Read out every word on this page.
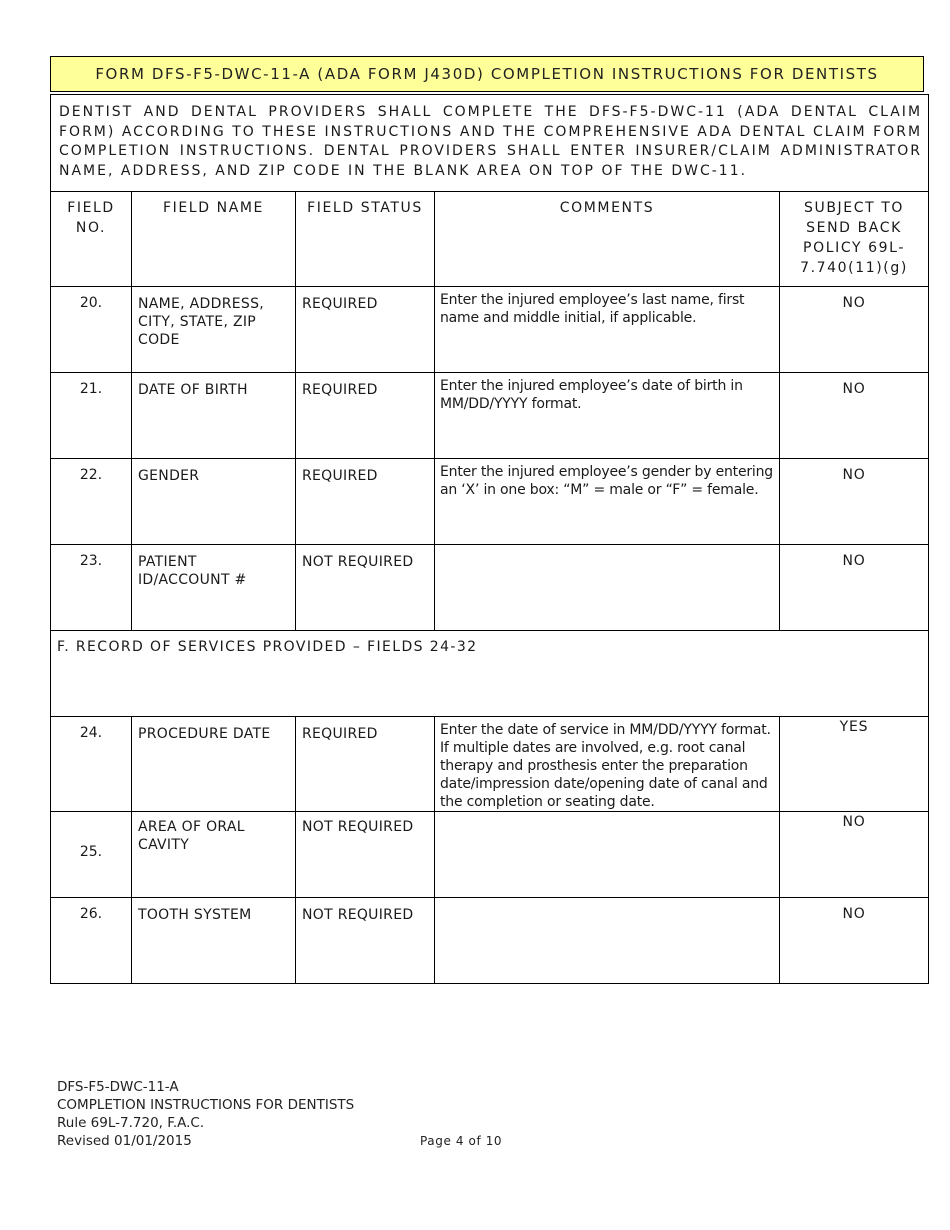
FORM DFS-F5-DWC-11-A (ADA FORM J430D) COMPLETION INSTRUCTIONS FOR DENTISTS
DENTIST AND DENTAL PROVIDERS SHALL COMPLETE THE DFS-F5-DWC-11 (ADA DENTAL CLAIM FORM) ACCORDING TO THESE INSTRUCTIONS AND THE COMPREHENSIVE ADA DENTAL CLAIM FORM COMPLETION INSTRUCTIONS. DENTAL PROVIDERS SHALL ENTER INSURER/CLAIM ADMINISTRATOR NAME, ADDRESS, AND ZIP CODE IN THE BLANK AREA ON TOP OF THE DWC-11.				
FIELD NO.	FIELD NAME	FIELD STATUS	COMMENTS	SUBJECT TO SEND BACK POLICY 69L-7.740(11)(g)
20.	NAME, ADDRESS, CITY, STATE, ZIP CODE	REQUIRED	Enter the injured employee’s last name, first name and middle initial, if applicable.	NO
21.	DATE OF BIRTH	REQUIRED	Enter the injured employee’s date of birth in MM/DD/YYYY format.	NO
22.	GENDER	REQUIRED	Enter the injured employee’s gender by entering an ‘X’ in one box: “M” = male or “F” = female.	NO
23.	PATIENT ID/ACCOUNT #	NOT REQUIRED		NO
F. RECORD OF SERVICES PROVIDED – FIELDS 24-32				
24.	PROCEDURE DATE	REQUIRED	Enter the date of service in MM/DD/YYYY format. If multiple dates are involved, e.g. root canal therapy and prosthesis enter the preparation date/impression date/opening date of canal and the completion or seating date.	YES
25.	AREA OF ORAL CAVITY	NOT REQUIRED		NO
26.	TOOTH SYSTEM	NOT REQUIRED		NO
DFS-F5-DWC-11-A
COMPLETION INSTRUCTIONS FOR DENTISTS
Rule 69L-7.720, F.A.C.
Revised 01/01/2015	Page 4 of 10
